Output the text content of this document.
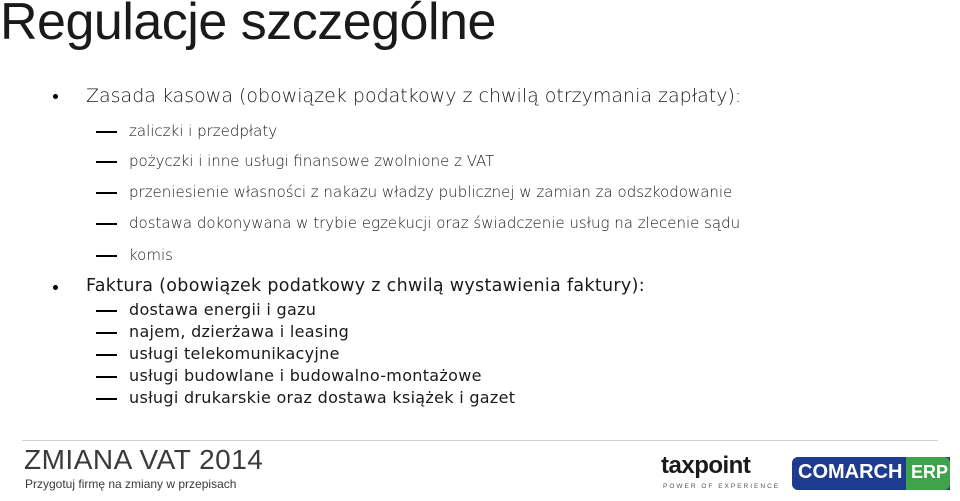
Regulacje szczególne
Zasada kasowa (obowiązek podatkowy z chwilą otrzymania zapłaty):
zaliczki i przedpłaty
pożyczki i inne usługi finansowe zwolnione z VAT
przeniesienie własności z nakazu władzy publicznej w zamian za odszkodowanie
dostawa dokonywana w trybie egzekucji oraz świadczenie usług na zlecenie sądu
komis
Faktura (obowiązek podatkowy z chwilą wystawienia faktury):
dostawa energii i gazu
najem, dzierżawa i leasing
usługi telekomunikacyjne
usługi budowlane i budowalno-montażowe
usługi drukarskie oraz dostawa książek i gazet
ZMIANA VAT 2014
Przygotuj firmę na zmiany w przepisach
taxpoint
POWER OF EXPERIENCE
COMARCH ERP
